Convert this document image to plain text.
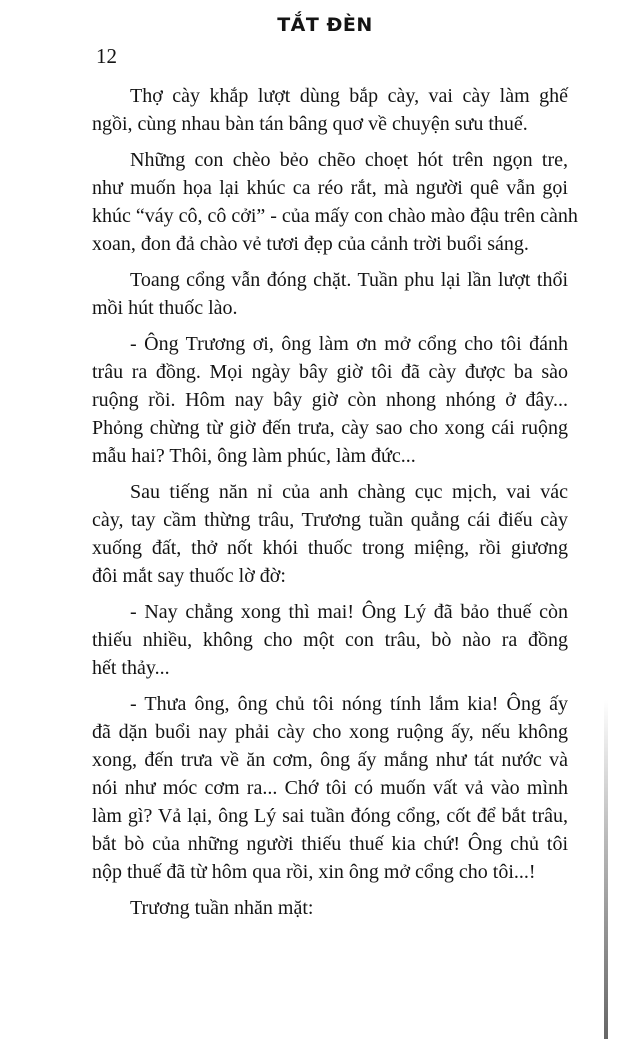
TẮT ĐÈN
12
Thợ cày khắp lượt dùng bắp cày, vai cày làm ghế
ngồi, cùng nhau bàn tán bâng quơ về chuyện sưu thuế.
Những con chèo bẻo chẽo choẹt hót trên ngọn tre,
như muốn họa lại khúc ca réo rắt, mà người quê vẫn gọi
khúc “váy cô, cô cởi” - của mấy con chào mào đậu trên cành
xoan, đon đả chào vẻ tươi đẹp của cảnh trời buổi sáng.
Toang cổng vẫn đóng chặt. Tuần phu lại lần lượt thổi
mồi hút thuốc lào.
- Ông Trương ơi, ông làm ơn mở cổng cho tôi đánh
trâu ra đồng. Mọi ngày bây giờ tôi đã cày được ba sào
ruộng rồi. Hôm nay bây giờ còn nhong nhóng ở đây...
Phỏng chừng từ giờ đến trưa, cày sao cho xong cái ruộng
mẫu hai? Thôi, ông làm phúc, làm đức...
Sau tiếng năn nỉ của anh chàng cục mịch, vai vác
cày, tay cầm thừng trâu, Trương tuần quẳng cái điếu cày
xuống đất, thở nốt khói thuốc trong miệng, rồi giương
đôi mắt say thuốc lờ đờ:
- Nay chẳng xong thì mai! Ông Lý đã bảo thuế còn
thiếu nhiều, không cho một con trâu, bò nào ra đồng
hết thảy...
- Thưa ông, ông chủ tôi nóng tính lắm kia! Ông ấy
đã dặn buổi nay phải cày cho xong ruộng ấy, nếu không
xong, đến trưa về ăn cơm, ông ấy mắng như tát nước và
nói như móc cơm ra... Chớ tôi có muốn vất vả vào mình
làm gì? Vả lại, ông Lý sai tuần đóng cổng, cốt để bắt trâu,
bắt bò của những người thiếu thuế kia chứ! Ông chủ tôi
nộp thuế đã từ hôm qua rồi, xin ông mở cổng cho tôi...!
Trương tuần nhăn mặt:
